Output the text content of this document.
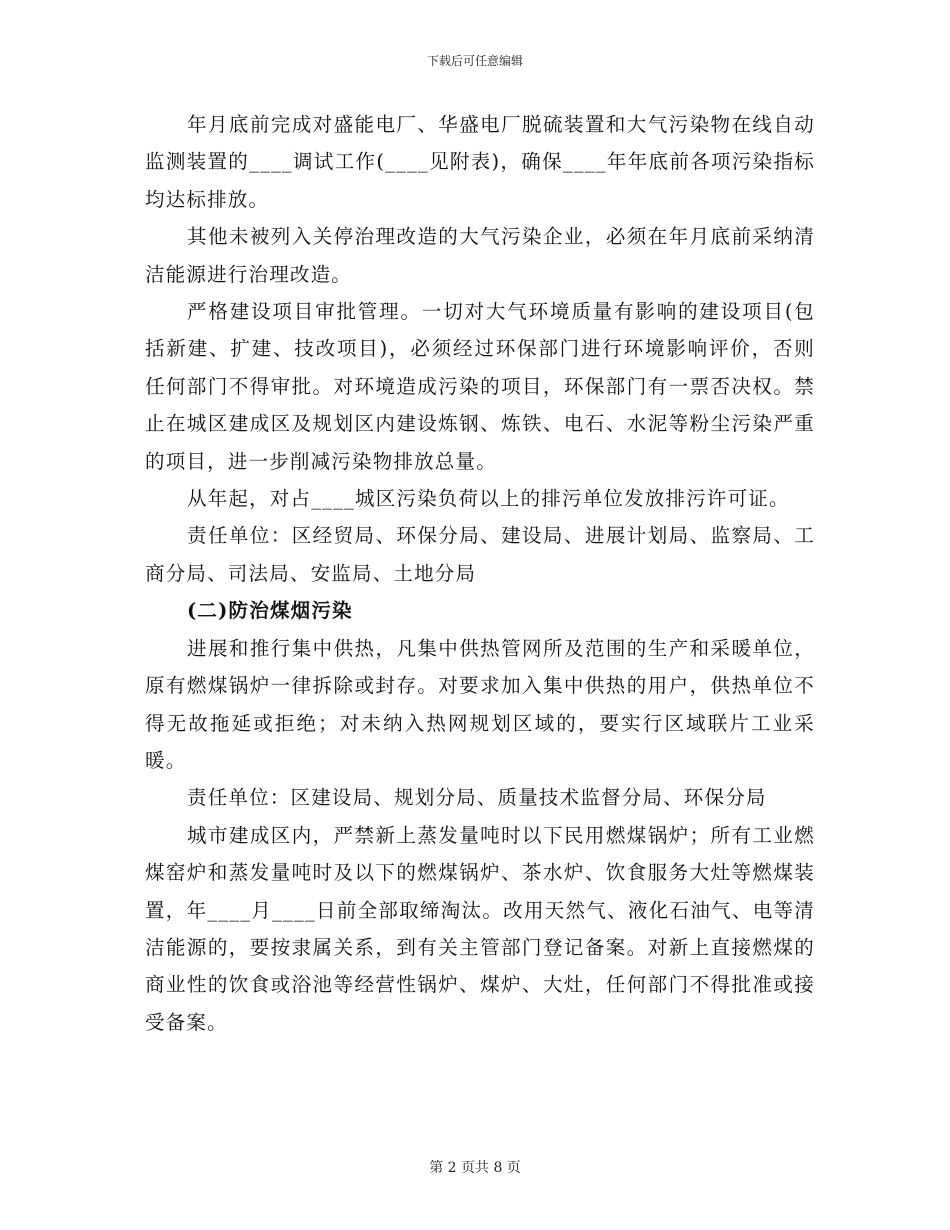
下载后可任意编辑

年月底前完成对盛能电厂、华盛电厂脱硫装置和大气污染物在线自动监测装置的____调试工作(____见附表)，确保____年年底前各项污染指标均达标排放。

其他未被列入关停治理改造的大气污染企业，必须在年月底前采纳清洁能源进行治理改造。

严格建设项目审批管理。一切对大气环境质量有影响的建设项目(包括新建、扩建、技改项目)，必须经过环保部门进行环境影响评价，否则任何部门不得审批。对环境造成污染的项目，环保部门有一票否决权。禁止在城区建成区及规划区内建设炼钢、炼铁、电石、水泥等粉尘污染严重的项目，进一步削减污染物排放总量。

从年起，对占____城区污染负荷以上的排污单位发放排污许可证。

责任单位：区经贸局、环保分局、建设局、进展计划局、监察局、工商分局、司法局、安监局、土地分局

(二)防治煤烟污染

进展和推行集中供热，凡集中供热管网所及范围的生产和采暖单位，原有燃煤锅炉一律拆除或封存。对要求加入集中供热的用户，供热单位不得无故拖延或拒绝；对未纳入热网规划区域的，要实行区域联片工业采暖。

责任单位：区建设局、规划分局、质量技术监督分局、环保分局

城市建成区内，严禁新上蒸发量吨时以下民用燃煤锅炉；所有工业燃煤窑炉和蒸发量吨时及以下的燃煤锅炉、茶水炉、饮食服务大灶等燃煤装置，年____月____日前全部取缔淘汰。改用天然气、液化石油气、电等清洁能源的，要按隶属关系，到有关主管部门登记备案。对新上直接燃煤的商业性的饮食或浴池等经营性锅炉、煤炉、大灶，任何部门不得批准或接受备案。

第 2 页共 8 页
